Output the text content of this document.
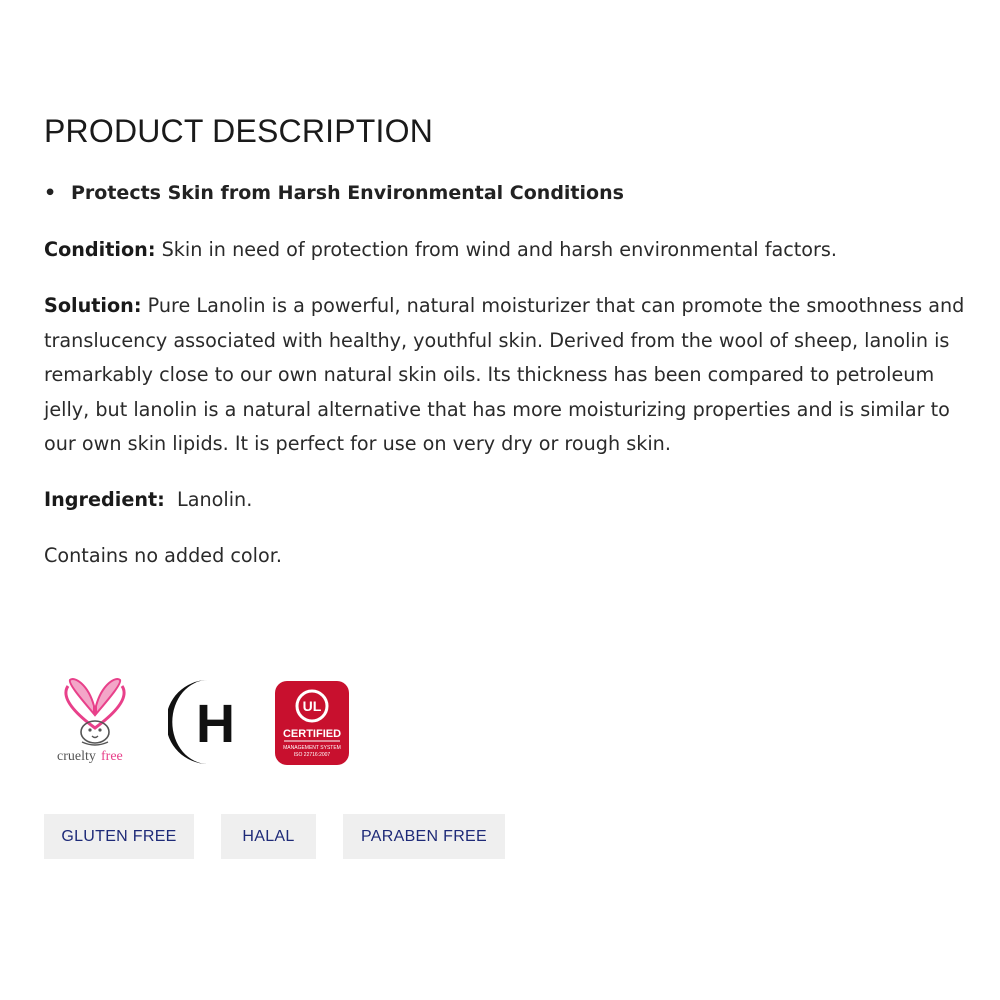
PRODUCT DESCRIPTION
• Protects Skin from Harsh Environmental Conditions
Condition: Skin in need of protection from wind and harsh environmental factors.
Solution: Pure Lanolin is a powerful, natural moisturizer that can promote the smoothness and translucency associated with healthy, youthful skin. Derived from the wool of sheep, lanolin is remarkably close to our own natural skin oils. Its thickness has been compared to petroleum jelly, but lanolin is a natural alternative that has more moisturizing properties and is similar to our own skin lipids. It is perfect for use on very dry or rough skin.
Ingredient:  Lanolin.
Contains no added color.
cruelty free
H	UL
CERTIFIED
MANAGEMENT SYSTEM
ISO 22716:2007
GLUTEN FREE	HALAL	PARABEN FREE
